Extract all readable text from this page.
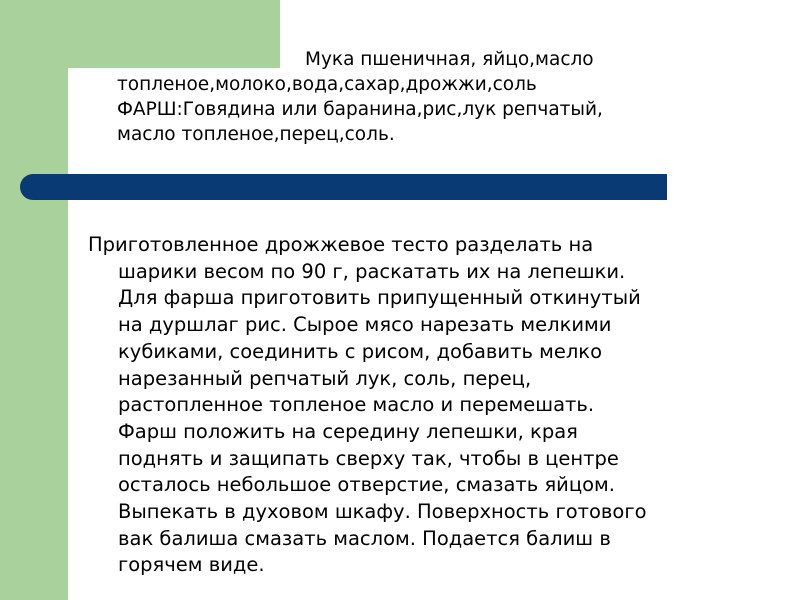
Мука пшеничная, яйцо,масло
топленое,молоко,вода,сахар,дрожжи,соль
ФАРШ:Говядина или баранина,рис,лук репчатый,
масло топленое,перец,соль.
Приготовленное дрожжевое тесто разделать на
шарики весом по 90 г, раскатать их на лепешки.
Для фарша приготовить припущенный откинутый
на дуршлаг рис. Сырое мясо нарезать мелкими
кубиками, соединить с рисом, добавить мелко
нарезанный репчатый лук, соль, перец,
растопленное топленое масло и перемешать.
Фарш положить на середину лепешки, края
поднять и защипать сверху так, чтобы в центре
осталось небольшое отверстие, смазать яйцом.
Выпекать в духовом шкафу. Поверхность готового
вак балиша смазать маслом. Подается балиш в
горячем виде.
